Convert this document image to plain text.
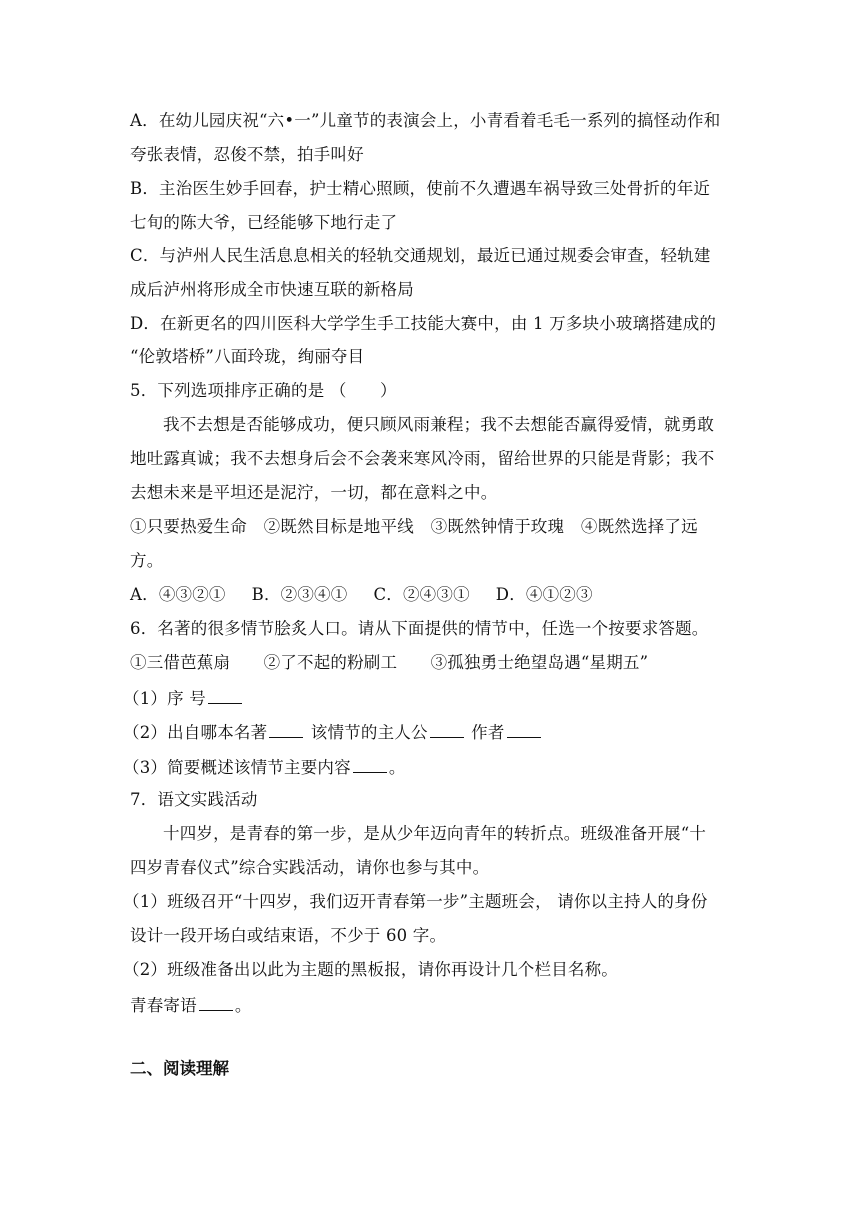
A．在幼儿园庆祝“六•一”儿童节的表演会上，小青看着毛毛一系列的搞怪动作和
夸张表情，忍俊不禁，拍手叫好
B．主治医生妙手回春，护士精心照顾，使前不久遭遇车祸导致三处骨折的年近
七旬的陈大爷，已经能够下地行走了
C．与泸州人民生活息息相关的轻轨交通规划，最近已通过规委会审查，轻轨建
成后泸州将形成全市快速互联的新格局
D．在新更名的四川医科大学学生手工技能大赛中，由 1 万多块小玻璃搭建成的
“伦敦塔桥”八面玲珑，绚丽夺目
5．下列选项排序正确的是 （　　）
我不去想是否能够成功，便只顾风雨兼程；我不去想能否赢得爱情，就勇敢
地吐露真诚；我不去想身后会不会袭来寒风冷雨，留给世界的只能是背影；我不
去想未来是平坦还是泥泞，一切，都在意料之中。
①只要热爱生命　②既然目标是地平线　③既然钟情于玫瑰　④既然选择了远
方。
A．④③②① B．②③④① C．②④③① D．④①②③
6．名著的很多情节脍炙人口。请从下面提供的情节中，任选一个按要求答题。
①三借芭蕉扇　　②了不起的粉刷工　　③孤独勇士绝望岛遇“星期五”
（1）序 号
（2）出自哪本名著	该情节的主人公	作者
（3）简要概述该情节主要内容 。
7．语文实践活动
十四岁，是青春的第一步，是从少年迈向青年的转折点。班级准备开展“十
四岁青春仪式”综合实践活动，请你也参与其中。
（1）班级召开“十四岁，我们迈开青春第一步”主题班会， 请你以主持人的身份
设计一段开场白或结束语，不少于 60 字。
（2）班级准备出以此为主题的黑板报，请你再设计几个栏目名称。
青春寄语 。
二、阅读理解
